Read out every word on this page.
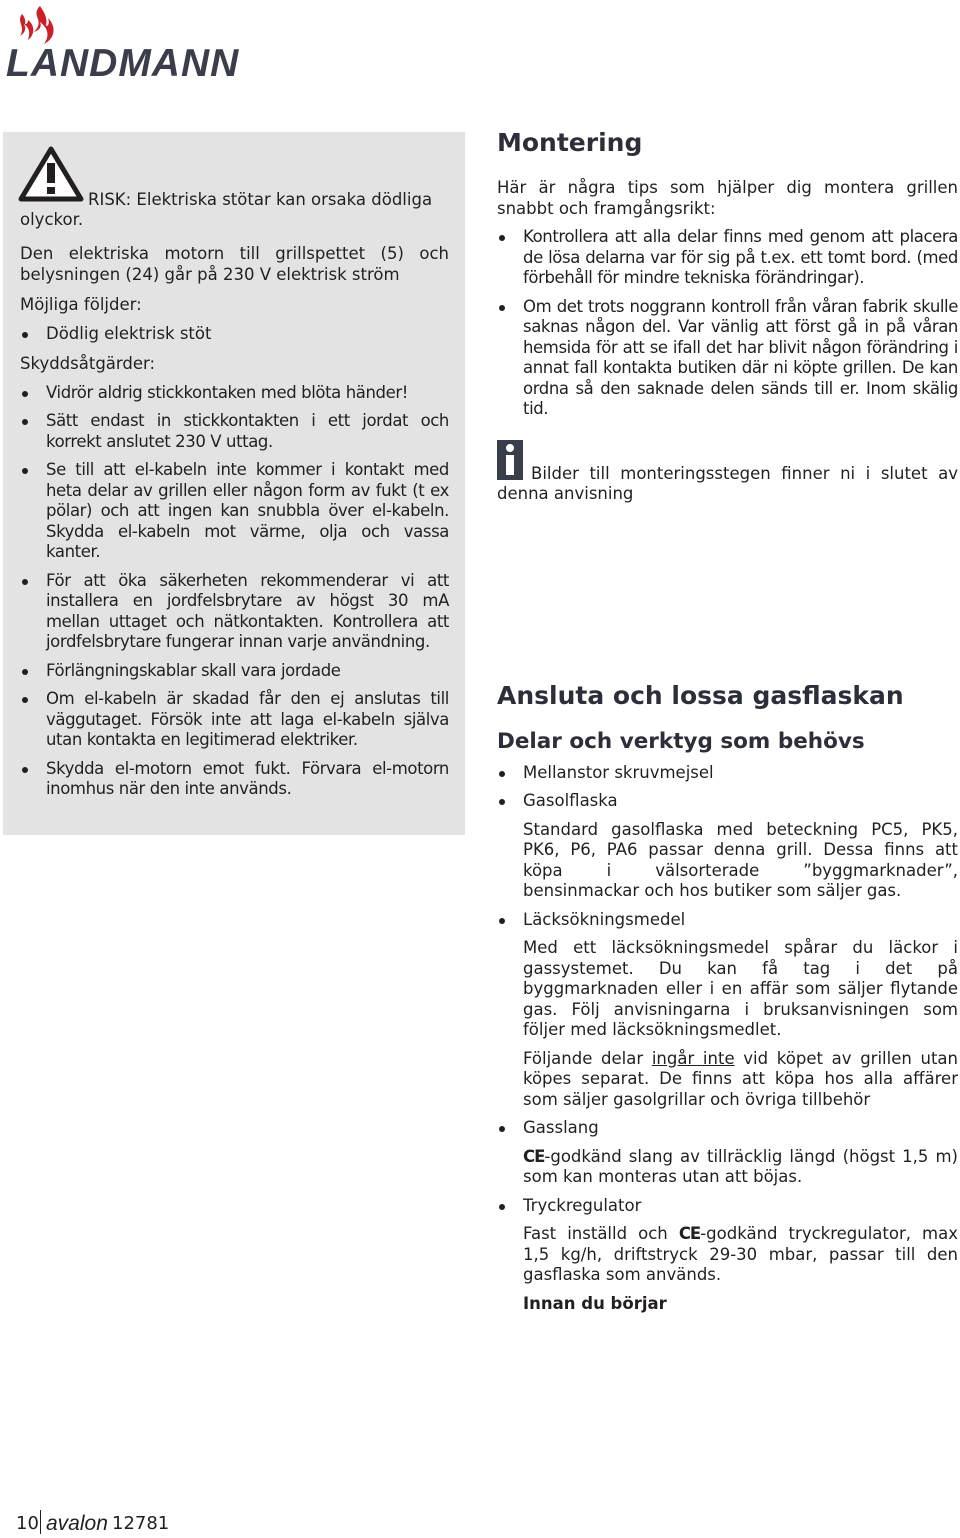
LANDMANN
RISK: Elektriska stötar kan orsaka dödliga
olyckor.

Den elektriska motorn till grillspettet (5) och belysningen (24) går på 230 V elektrisk ström

Möjliga följder:

Dödlig elektrisk stöt

Skyddsåtgärder:

Vidrör aldrig stickkontaken med blöta händer!
Sätt endast in stickkontakten i ett jordat och korrekt anslutet 230 V uttag.
Se till att el-kabeln inte kommer i kontakt med heta delar av grillen eller någon form av fukt (t ex pölar) och att ingen kan snubbla över el-kabeln. Skydda el-kabeln mot värme, olja och vassa kanter.
För att öka säkerheten rekommenderar vi att installera en jordfelsbrytare av högst 30 mA mellan uttaget och nätkontakten. Kontrollera att jordfelsbrytare fungerar innan varje användning.
Förlängningskablar skall vara jordade
Om el-kabeln är skadad får den ej anslutas till väggutaget. Försök inte att laga el-kabeln själva utan kontakta en legitimerad elektriker.
Skydda el-motorn emot fukt. Förvara el-motorn inomhus när den inte används.
Montering

Här är några tips som hjälper dig montera grillen snabbt och framgångsrikt:

Kontrollera att alla delar finns med genom att placera de lösa delarna var för sig på t.ex. ett tomt bord. (med förbehåll för mindre tekniska förändringar).
Om det trots noggrann kontroll från våran fabrik skulle saknas någon del. Var vänlig att först gå in på våran hemsida för att se ifall det har blivit någon förändring i annat fall kontakta butiken där ni köpte grillen. De kan ordna så den saknade delen sänds till er. Inom skälig tid.

Bilder till monteringsstegen finner ni i slutet av denna anvisning

Ansluta och lossa gasflaskan
Delar och verktyg som behövs
Mellanstor skruvmejsel
Gasolflaska

Standard gasolflaska med beteckning PC5, PK5, PK6, P6, PA6 passar denna grill. Dessa finns att köpa i välsorterade ”byggmarknader”, bensinmackar och hos butiker som säljer gas.

Läcksökningsmedel

Med ett läcksökningsmedel spårar du läckor i gassystemet. Du kan få tag i det på byggmarknaden eller i en affär som säljer flytande gas. Följ anvisningarna i bruksanvisningen som följer med läcksökningsmedlet.

Följande delar ingår inte vid köpet av grillen utan köpes separat. De finns att köpa hos alla affärer som säljer gasolgrillar och övriga tillbehör

Gasslang

CE-godkänd slang av tillräcklig längd (högst 1,5 m) som kan monteras utan att böjas.

Tryckregulator

Fast inställd och CE-godkänd tryckregulator, max 1,5 kg/h, driftstryck 29-30 mbar, passar till den gasflaska som används.

Innan du börjar

10 avalon 12781
